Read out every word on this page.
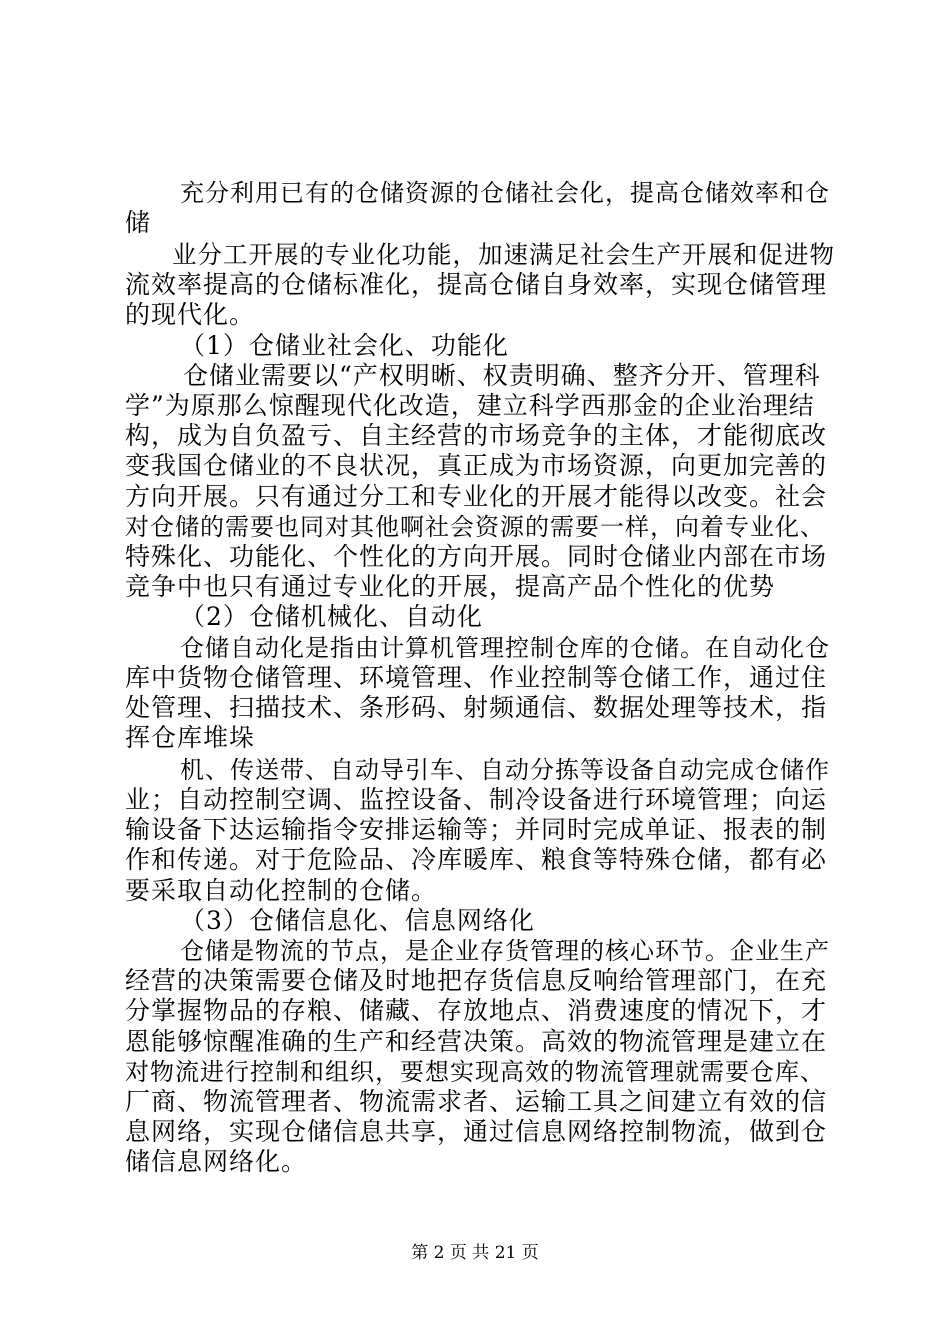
充分利用已有的仓储资源的仓储社会化，提高仓储效率和仓
储
业分工开展的专业化功能，加速满足社会生产开展和促进物
流效率提高的仓储标准化，提高仓储自身效率，实现仓储管理
的现代化。
（1）仓储业社会化、功能化
仓储业需要以“产权明晰、权责明确、整齐分开、管理科
学”为原那么惊醒现代化改造，建立科学西那金的企业治理结
构，成为自负盈亏、自主经营的市场竞争的主体，才能彻底改
变我国仓储业的不良状况，真正成为市场资源，向更加完善的
方向开展。只有通过分工和专业化的开展才能得以改变。社会
对仓储的需要也同对其他啊社会资源的需要一样，向着专业化、
特殊化、功能化、个性化的方向开展。同时仓储业内部在市场
竞争中也只有通过专业化的开展，提高产品个性化的优势
（2）仓储机械化、自动化
仓储自动化是指由计算机管理控制仓库的仓储。在自动化仓
库中货物仓储管理、环境管理、作业控制等仓储工作，通过住
处管理、扫描技术、条形码、射频通信、数据处理等技术，指
挥仓库堆垛
机、传送带、自动导引车、自动分拣等设备自动完成仓储作
业；自动控制空调、监控设备、制冷设备进行环境管理；向运
输设备下达运输指令安排运输等；并同时完成单证、报表的制
作和传递。对于危险品、冷库暖库、粮食等特殊仓储，都有必
要采取自动化控制的仓储。
（3）仓储信息化、信息网络化
仓储是物流的节点，是企业存货管理的核心环节。企业生产
经营的决策需要仓储及时地把存货信息反响给管理部门，在充
分掌握物品的存粮、储藏、存放地点、消费速度的情况下，才
恩能够惊醒准确的生产和经营决策。高效的物流管理是建立在
对物流进行控制和组织，要想实现高效的物流管理就需要仓库、
厂商、物流管理者、物流需求者、运输工具之间建立有效的信
息网络，实现仓储信息共享，通过信息网络控制物流，做到仓
储信息网络化。
第 2 页 共 21 页
